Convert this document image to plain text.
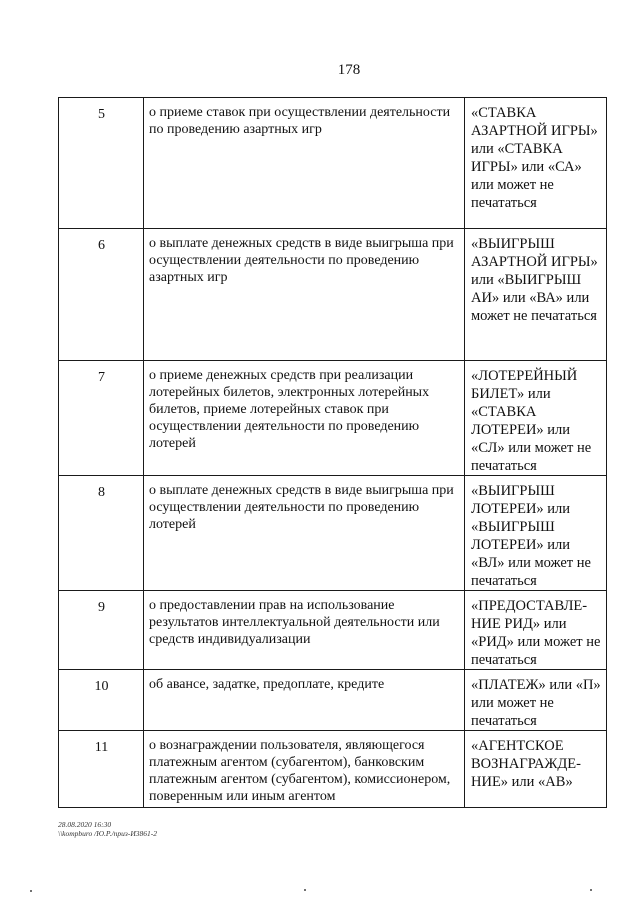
178
5	о приеме ставок при осуществлении деятельности по проведению азартных игр	«СТАВКА АЗАРТНОЙ ИГРЫ» или «СТАВКА ИГРЫ» или «СА» или может не печататься
6	о выплате денежных средств в виде выигрыша при осуществлении деятельности по проведению азартных игр	«ВЫИГРЫШ АЗАРТНОЙ ИГРЫ» или «ВЫИГРЫШ АИ» или «ВА» или может не печататься
7	о приеме денежных средств при реализации лотерейных билетов, электронных лотерейных билетов, приеме лотерейных ставок при осуществлении деятельности по проведению лотерей	«ЛОТЕРЕЙНЫЙ БИЛЕТ» или «СТАВКА ЛОТЕРЕИ» или «СЛ» или может не печататься
8	о выплате денежных средств в виде выигрыша при осуществлении деятельности по проведению лотерей	«ВЫИГРЫШ ЛОТЕРЕИ» или «ВЫИГРЫШ ЛОТЕРЕИ» или «ВЛ» или может не печататься
9	о предоставлении прав на использование результатов интеллектуальной деятельности или средств индивидуализации	«ПРЕДОСТАВЛЕ-НИЕ РИД» или «РИД» или может не печататься
10	об авансе, задатке, предоплате, кредите	«ПЛАТЕЖ» или «П» или может не печататься
11	о вознаграждении пользователя, являющегося платежным агентом (субагентом), банковским платежным агентом (субагентом), комиссионером, поверенным или иным агентом	«АГЕНТСКОЕ ВОЗНАГРАЖДЕ-НИЕ» или «АВ»
28.08.2020 16:30
\\kompburo /Ю.Р./приз-И3861-2
